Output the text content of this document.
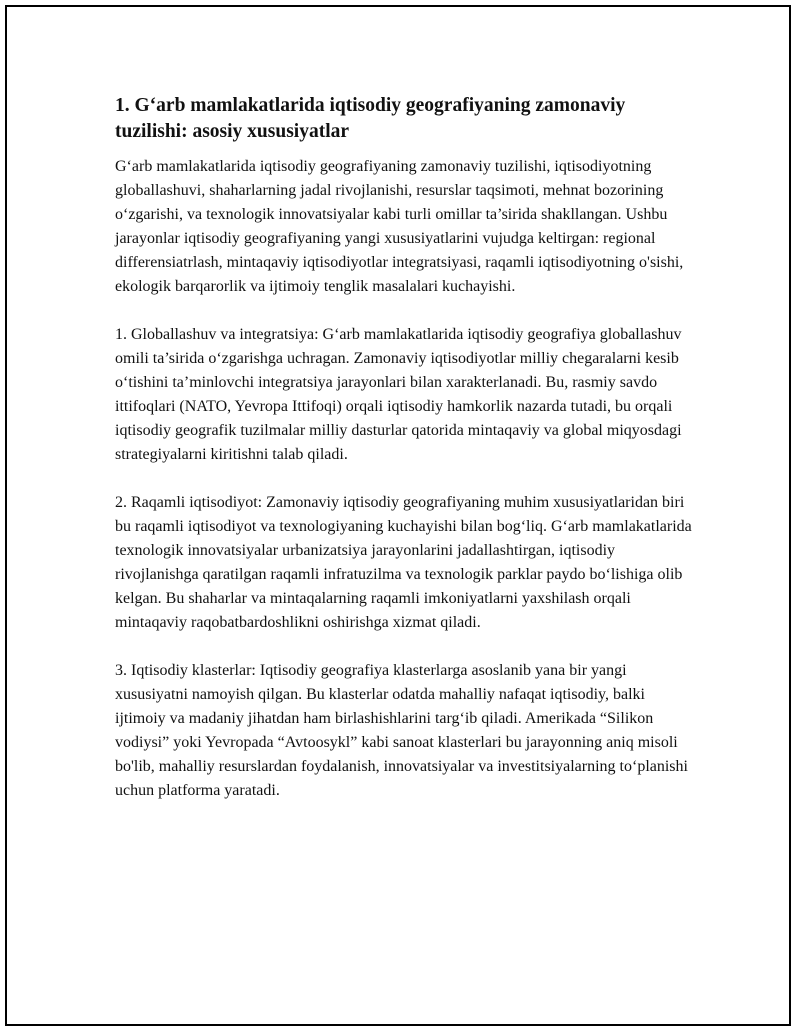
1. G‘arb mamlakatlarida iqtisodiy geografiyaning zamonaviy tuzilishi: asosiy xususiyatlar

G‘arb mamlakatlarida iqtisodiy geografiyaning zamonaviy tuzilishi, iqtisodiyotning globallashuvi, shaharlarning jadal rivojlanishi, resurslar taqsimoti, mehnat bozorining o‘zgarishi, va texnologik innovatsiyalar kabi turli omillar ta’sirida shakllangan. Ushbu jarayonlar iqtisodiy geografiyaning yangi xususiyatlarini vujudga keltirgan: regional differensiatrlash, mintaqaviy iqtisodiyotlar integratsiyasi, raqamli iqtisodiyotning o'sishi, ekologik barqarorlik va ijtimoiy tenglik masalalari kuchayishi.

1. Globallashuv va integratsiya: G‘arb mamlakatlarida iqtisodiy geografiya globallashuv omili ta’sirida o‘zgarishga uchragan. Zamonaviy iqtisodiyotlar milliy chegaralarni kesib o‘tishini ta’minlovchi integratsiya jarayonlari bilan xarakterlanadi. Bu, rasmiy savdo ittifoqlari (NATO, Yevropa Ittifoqi) orqali iqtisodiy hamkorlik nazarda tutadi, bu orqali iqtisodiy geografik tuzilmalar milliy dasturlar qatorida mintaqaviy va global miqyosdagi strategiyalarni kiritishni talab qiladi.

2. Raqamli iqtisodiyot: Zamonaviy iqtisodiy geografiyaning muhim xususiyatlaridan biri bu raqamli iqtisodiyot va texnologiyaning kuchayishi bilan bog‘liq. G‘arb mamlakatlarida texnologik innovatsiyalar urbanizatsiya jarayonlarini jadallashtirgan, iqtisodiy rivojlanishga qaratilgan raqamli infratuzilma va texnologik parklar paydo bo‘lishiga olib kelgan. Bu shaharlar va mintaqalarning raqamli imkoniyatlarni yaxshilash orqali mintaqaviy raqobatbardoshlikni oshirishga xizmat qiladi.

3. Iqtisodiy klasterlar: Iqtisodiy geografiya klasterlarga asoslanib yana bir yangi xususiyatni namoyish qilgan. Bu klasterlar odatda mahalliy nafaqat iqtisodiy, balki ijtimoiy va madaniy jihatdan ham birlashishlarini targ‘ib qiladi. Amerikada “Silikon vodiysi” yoki Yevropada “Avtoosykl” kabi sanoat klasterlari bu jarayonning aniq misoli bo'lib, mahalliy resurslardan foydalanish, innovatsiyalar va investitsiyalarning to‘planishi uchun platforma yaratadi.
